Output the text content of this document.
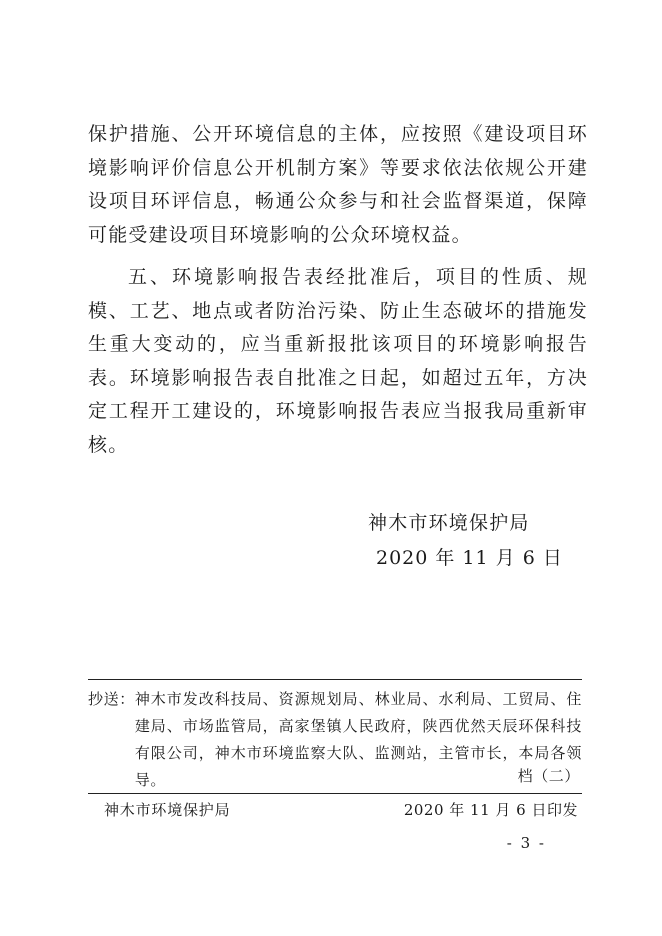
保护措施、公开环境信息的主体，应按照《建设项目环境影响评价信息公开机制方案》等要求依法依规公开建设项目环评信息，畅通公众参与和社会监督渠道，保障可能受建设项目环境影响的公众环境权益。

五、环境影响报告表经批准后，项目的性质、规模、工艺、地点或者防治污染、防止生态破坏的措施发生重大变动的，应当重新报批该项目的环境影响报告表。环境影响报告表自批准之日起，如超过五年，方决定工程开工建设的，环境影响报告表应当报我局重新审核。

神木市环境保护局
2020 年 11 月 6 日
抄送： 神木市发改科技局、资源规划局、林业局、水利局、工贸局、住建局、市场监管局，高家堡镇人民政府，陕西优然天辰环保科技有限公司，神木市环境监察大队、监测站，主管市长，本局各领导。	档（二）
神木市环境保护局	2020 年 11 月 6 日印发
- 3 -
